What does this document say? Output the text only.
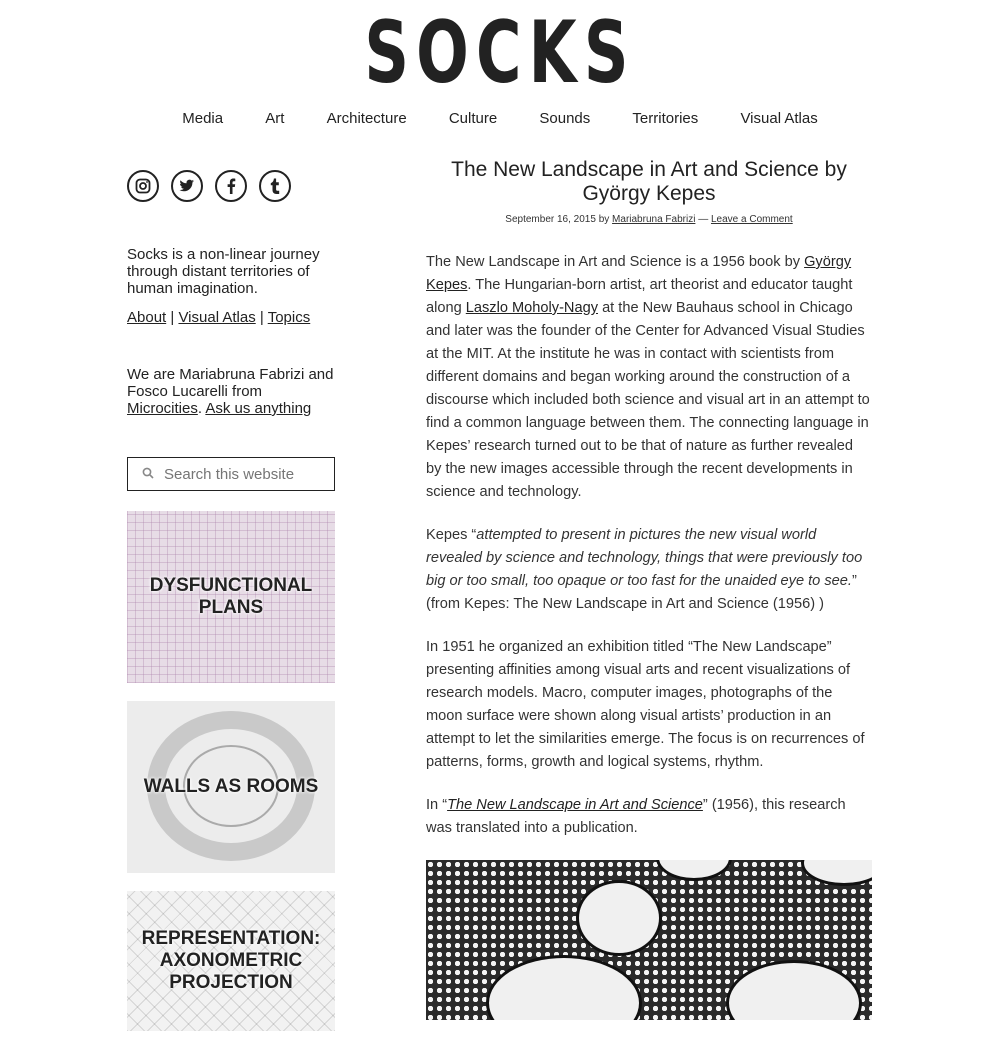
SOCKS
Media	Art	Architecture	Culture	Sounds	Territories	Visual Atlas

Socks is a non-linear journey through distant territories of human imagination.

About | Visual Atlas | Topics

We are Mariabruna Fabrizi and Fosco Lucarelli from Microcities. Ask us anything

Search this website
DYSFUNCTIONAL PLANS
WALLS AS ROOMS
REPRESENTATION: AXONOMETRIC PROJECTION
The New Landscape in Art and Science by György Kepes
September 16, 2015 by Mariabruna Fabrizi — Leave a Comment

The New Landscape in Art and Science is a 1956 book by György Kepes. The Hungarian-born artist, art theorist and educator taught along Laszlo Moholy-Nagy at the New Bauhaus school in Chicago and later was the founder of the Center for Advanced Visual Studies at the MIT. At the institute he was in contact with scientists from different domains and began working around the construction of a discourse which included both science and visual art in an attempt to find a common language between them. The connecting language in Kepes’ research turned out to be that of nature as further revealed by the new images accessible through the recent developments in science and technology.

Kepes “attempted to present in pictures the new visual world revealed by science and technology, things that were previously too big or too small, too opaque or too fast for the unaided eye to see.” (from Kepes: The New Landscape in Art and Science (1956) )

In 1951 he organized an exhibition titled “The New Landscape” presenting affinities among visual arts and recent visualizations of research models. Macro, computer images, photographs of the moon surface were shown along visual artists’ production in an attempt to let the similarities emerge. The focus is on recurrences of patterns, forms, growth and logical systems, rhythm.

In “The New Landscape in Art and Science” (1956), this research was translated into a publication.
